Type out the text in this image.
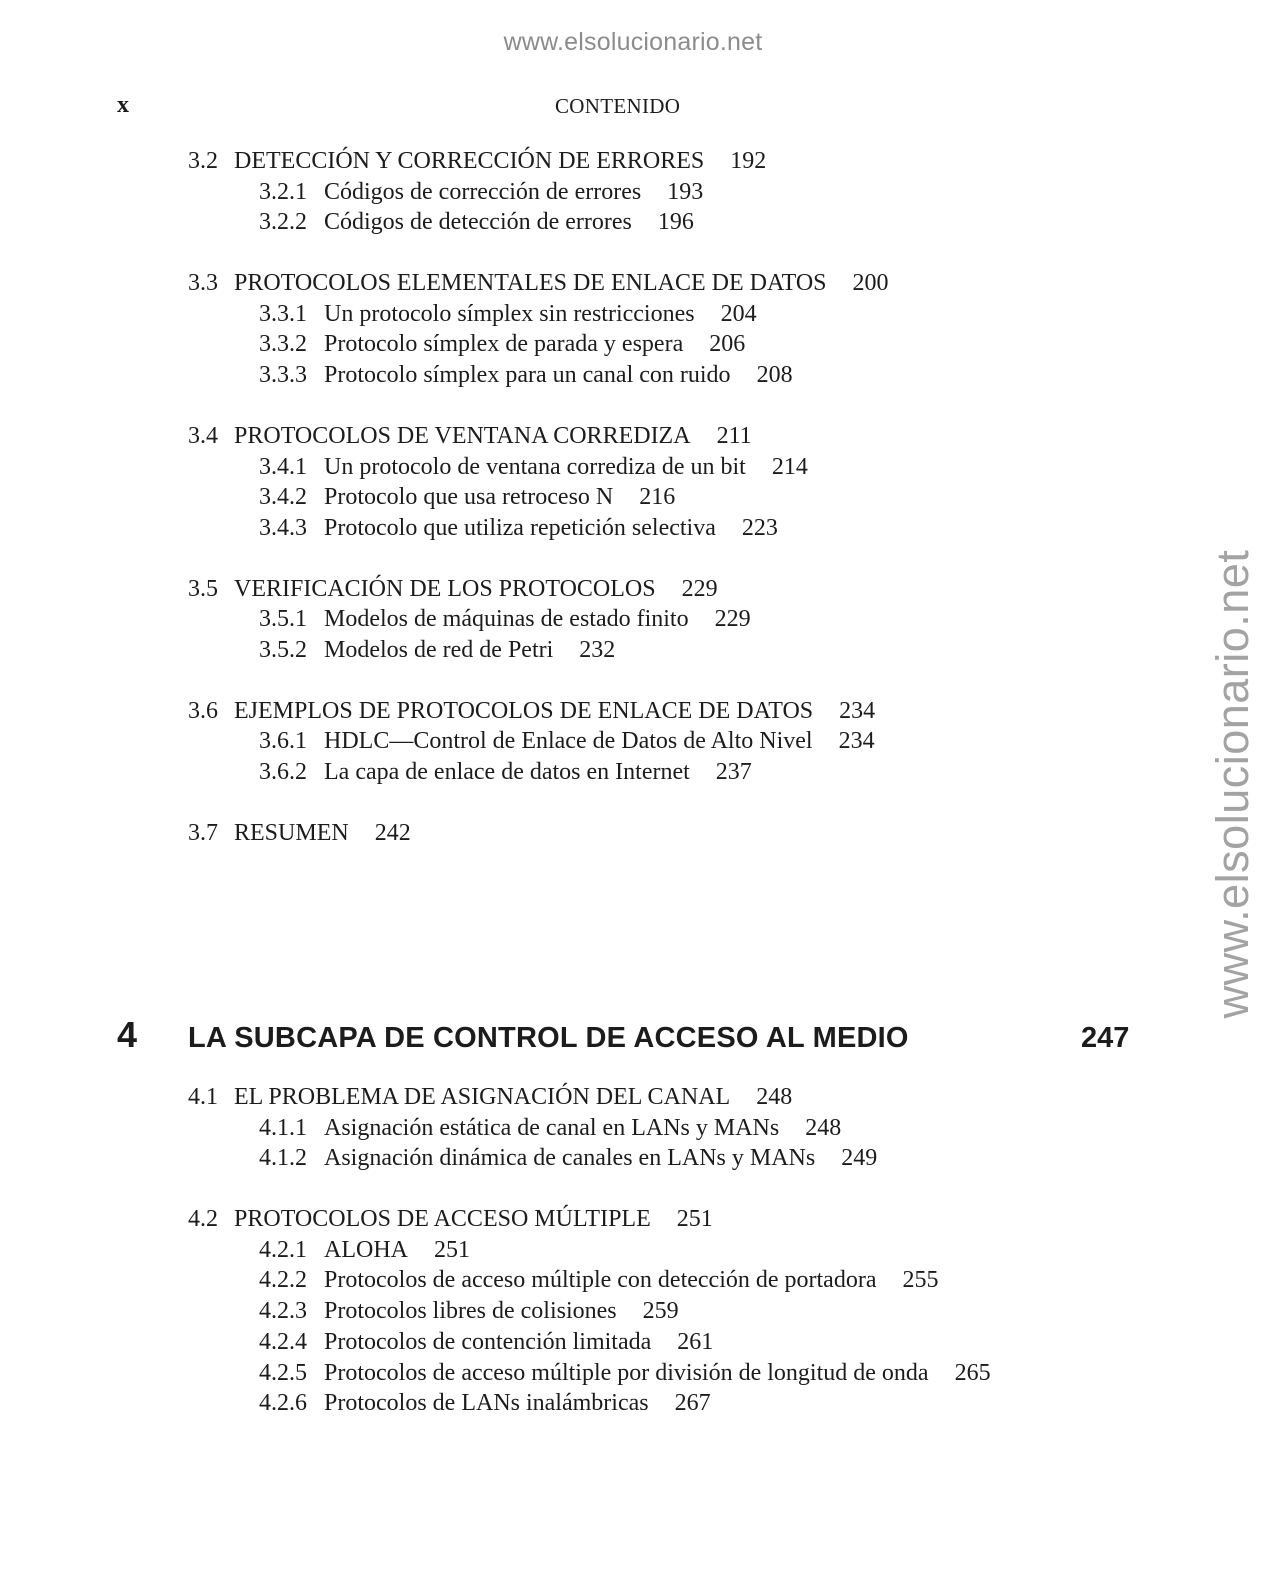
www.elsolucionario.net
www.elsolucionario.net
x	CONTENIDO
3.2 DETECCIÓN Y CORRECCIÓN DE ERRORES 192
3.2.1 Códigos de corrección de errores 193
3.2.2 Códigos de detección de errores 196
3.3 PROTOCOLOS ELEMENTALES DE ENLACE DE DATOS 200
3.3.1 Un protocolo símplex sin restricciones 204
3.3.2 Protocolo símplex de parada y espera 206
3.3.3 Protocolo símplex para un canal con ruido 208
3.4 PROTOCOLOS DE VENTANA CORREDIZA 211
3.4.1 Un protocolo de ventana corrediza de un bit 214
3.4.2 Protocolo que usa retroceso N 216
3.4.3 Protocolo que utiliza repetición selectiva 223
3.5 VERIFICACIÓN DE LOS PROTOCOLOS 229
3.5.1 Modelos de máquinas de estado finito 229
3.5.2 Modelos de red de Petri 232
3.6 EJEMPLOS DE PROTOCOLOS DE ENLACE DE DATOS 234
3.6.1 HDLC—Control de Enlace de Datos de Alto Nivel 234
3.6.2 La capa de enlace de datos en Internet 237
3.7 RESUMEN 242
4 LA SUBCAPA DE CONTROL DE ACCESO AL MEDIO	247
4.1 EL PROBLEMA DE ASIGNACIÓN DEL CANAL 248
4.1.1 Asignación estática de canal en LANs y MANs 248
4.1.2 Asignación dinámica de canales en LANs y MANs 249
4.2 PROTOCOLOS DE ACCESO MÚLTIPLE 251
4.2.1 ALOHA 251
4.2.2 Protocolos de acceso múltiple con detección de portadora 255
4.2.3 Protocolos libres de colisiones 259
4.2.4 Protocolos de contención limitada 261
4.2.5 Protocolos de acceso múltiple por división de longitud de onda 265
4.2.6 Protocolos de LANs inalámbricas 267
